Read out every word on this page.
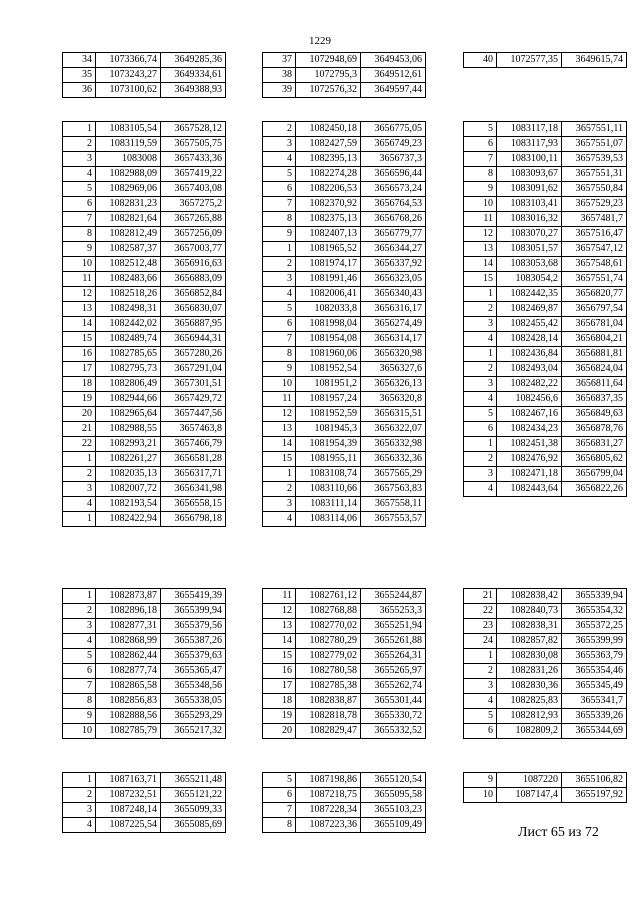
1229
34	1073366,74	3649285,36
35	1073243,27	3649334,61
36	1073100,62	3649388,93
37	1072948,69	3649453,06
38	1072795,3	3649512,61
39	1072576,32	3649597,44
40	1072577,35	3649615,74
1	1083105,54	3657528,12
2	1083119,59	3657505,75
3	1083008	3657433,36
4	1082988,09	3657419,22
5	1082969,06	3657403,08
6	1082831,23	3657275,2
7	1082821,64	3657265,88
8	1082812,49	3657256,09
9	1082587,37	3657003,77
10	1082512,48	3656916,63
11	1082483,66	3656883,09
12	1082518,26	3656852,84
13	1082498,31	3656830,07
14	1082442,02	3656887,95
15	1082489,74	3656944,31
16	1082785,65	3657280,26
17	1082795,73	3657291,04
18	1082806,49	3657301,51
19	1082944,66	3657429,72
20	1082965,64	3657447,56
21	1082988,55	3657463,8
22	1082993,21	3657466,79
1	1082261,27	3656581,28
2	1082035,13	3656317,71
3	1082007,72	3656341,98
4	1082193,54	3656558,15
1	1082422,94	3656798,18
2	1082450,18	3656775,05
3	1082427,59	3656749,23
4	1082395,13	3656737,3
5	1082274,28	3656596,44
6	1082206,53	3656573,24
7	1082370,92	3656764,53
8	1082375,13	3656768,26
9	1082407,13	3656779,77
1	1081965,52	3656344,27
2	1081974,17	3656337,92
3	1081991,46	3656323,05
4	1082006,41	3656340,43
5	1082033,8	3656316,17
6	1081998,04	3656274,49
7	1081954,08	3656314,17
8	1081960,06	3656320,98
9	1081952,54	3656327,6
10	1081951,2	3656326,13
11	1081957,24	3656320,8
12	1081952,59	3656315,51
13	1081945,3	3656322,07
14	1081954,39	3656332,98
15	1081955,11	3656332,36
1	1083108,74	3657565,29
2	1083110,66	3657563,83
3	1083111,14	3657558,11
4	1083114,06	3657553,57
5	1083117,18	3657551,11
6	1083117,93	3657551,07
7	1083100,11	3657539,53
8	1083093,67	3657551,31
9	1083091,62	3657550,84
10	1083103,41	3657529,23
11	1083016,32	3657481,7
12	1083070,27	3657516,47
13	1083051,57	3657547,12
14	1083053,68	3657548,61
15	1083054,2	3657551,74
1	1082442,35	3656820,77
2	1082469,87	3656797,54
3	1082455,42	3656781,04
4	1082428,14	3656804,21
1	1082436,84	3656881,81
2	1082493,04	3656824,04
3	1082482,22	3656811,64
4	1082456,6	3656837,35
5	1082467,16	3656849,63
6	1082434,23	3656878,76
1	1082451,38	3656831,27
2	1082476,92	3656805,62
3	1082471,18	3656799,04
4	1082443,64	3656822,26
1	1082873,87	3655419,39
2	1082896,18	3655399,94
3	1082877,31	3655379,56
4	1082868,99	3655387,26
5	1082862,44	3655379,63
6	1082877,74	3655365,47
7	1082865,58	3655348,56
8	1082856,83	3655338,05
9	1082888,56	3655293,29
10	1082785,79	3655217,32
11	1082761,12	3655244,87
12	1082768,88	3655253,3
13	1082770,02	3655251,94
14	1082780,29	3655261,88
15	1082779,02	3655264,31
16	1082780,58	3655265,97
17	1082785,38	3655262,74
18	1082838,87	3655301,44
19	1082818,78	3655330,72
20	1082829,47	3655332,52
21	1082838,42	3655339,94
22	1082840,73	3655354,32
23	1082838,31	3655372,25
24	1082857,82	3655399,99
1	1082830,08	3655363,79
2	1082831,26	3655354,46
3	1082830,36	3655345,49
4	1082825,83	3655341,7
5	1082812,93	3655339,26
6	1082809,2	3655344,69
1	1087163,71	3655211,48
2	1087232,51	3655121,22
3	1087248,14	3655099,33
4	1087225,54	3655085,69
5	1087198,86	3655120,54
6	1087218,75	3655095,58
7	1087228,34	3655103,23
8	1087223,36	3655109,49
9	1087220	3655106,82
10	1087147,4	3655197,92
Лист 65 из 72
